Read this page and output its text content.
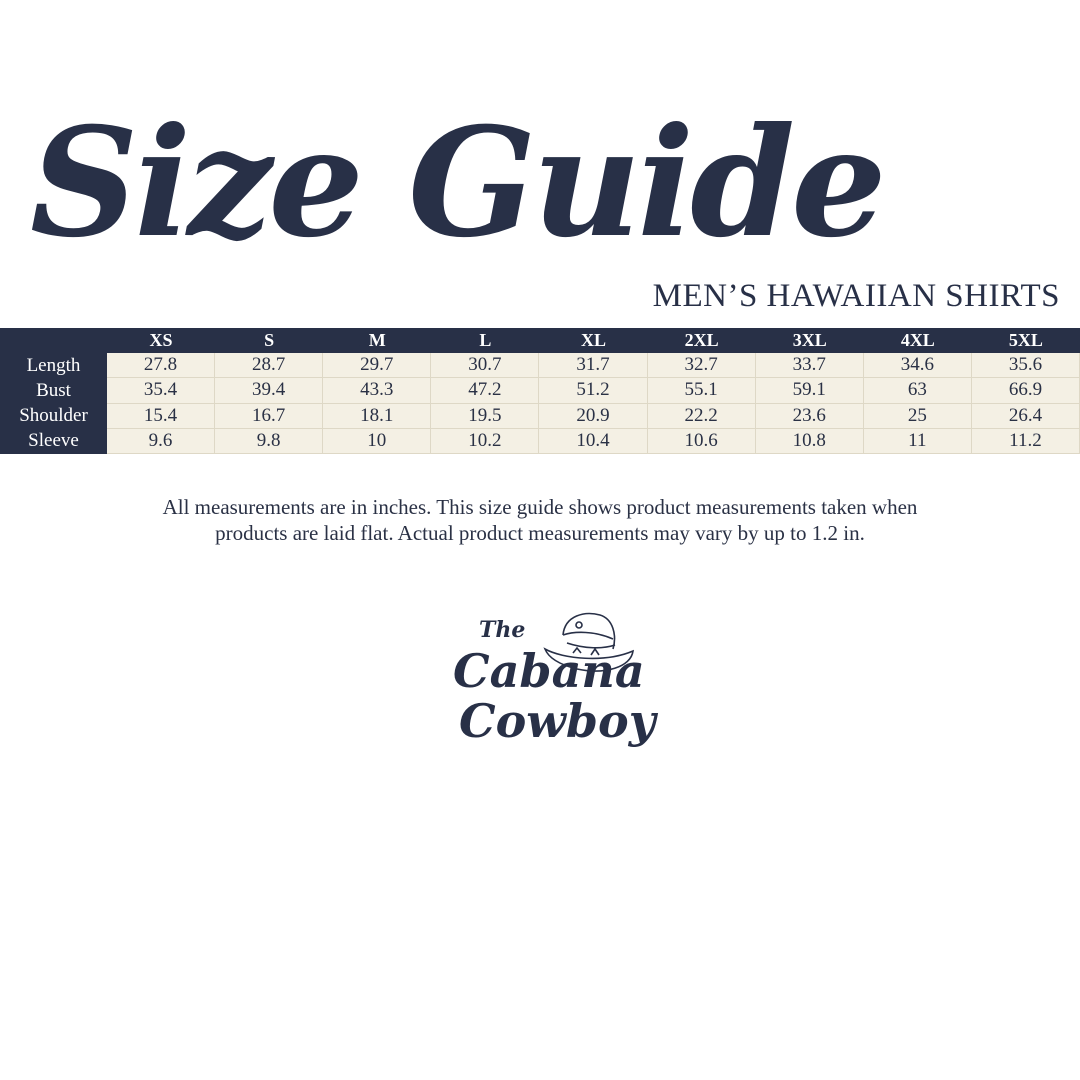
Size Guide
MEN’S HAWAIIAN SHIRTS
XS	S	M	L	XL	2XL	3XL	4XL	5XL
Length	27.8	28.7	29.7	30.7	31.7	32.7	33.7	34.6	35.6
Bust	35.4	39.4	43.3	47.2	51.2	55.1	59.1	63	66.9
Shoulder	15.4	16.7	18.1	19.5	20.9	22.2	23.6	25	26.4
Sleeve	9.6	9.8	10	10.2	10.4	10.6	10.8	11	11.2
All measurements are in inches. This size guide shows product measurements taken when products are laid flat. Actual product measurements may vary by up to 1.2 in.
The
Cabana
Cowboy
